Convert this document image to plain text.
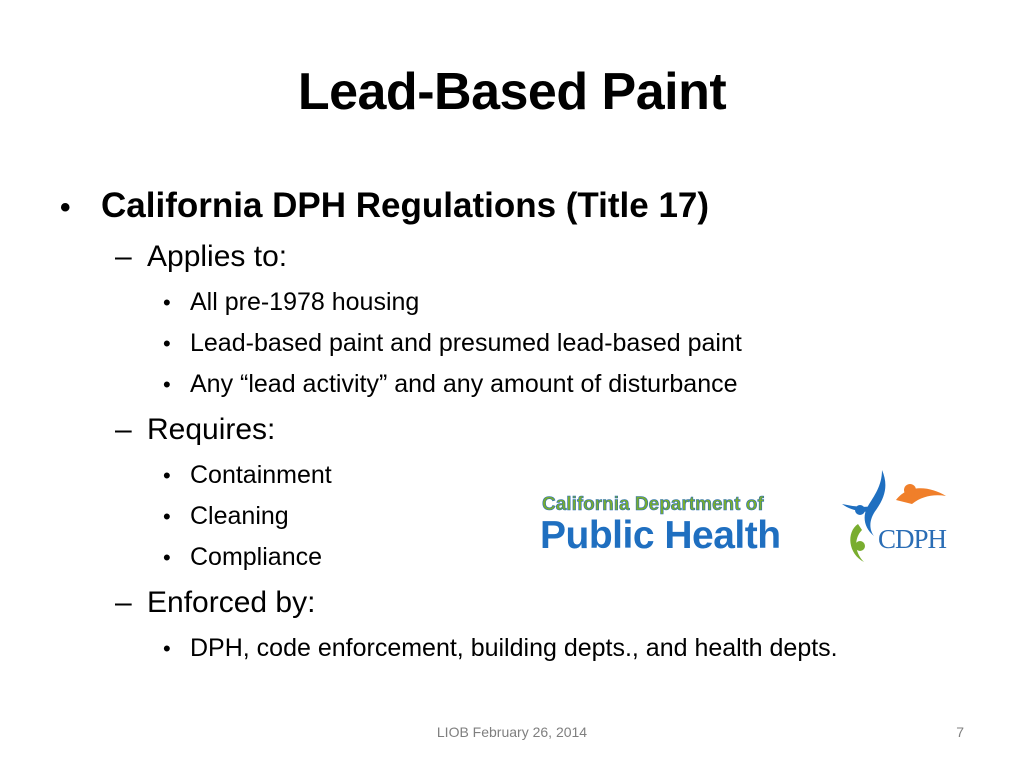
Lead-Based Paint
• California DPH Regulations (Title 17)
– Applies to:
• All pre-1978 housing
• Lead-based paint and presumed lead-based paint
• Any “lead activity” and any amount of disturbance
– Requires:
• Containment
• Cleaning
• Compliance
– Enforced by:
• DPH, code enforcement, building depts., and health depts.
California Department of
Public Health	CDPH
LIOB February 26, 2014	7
